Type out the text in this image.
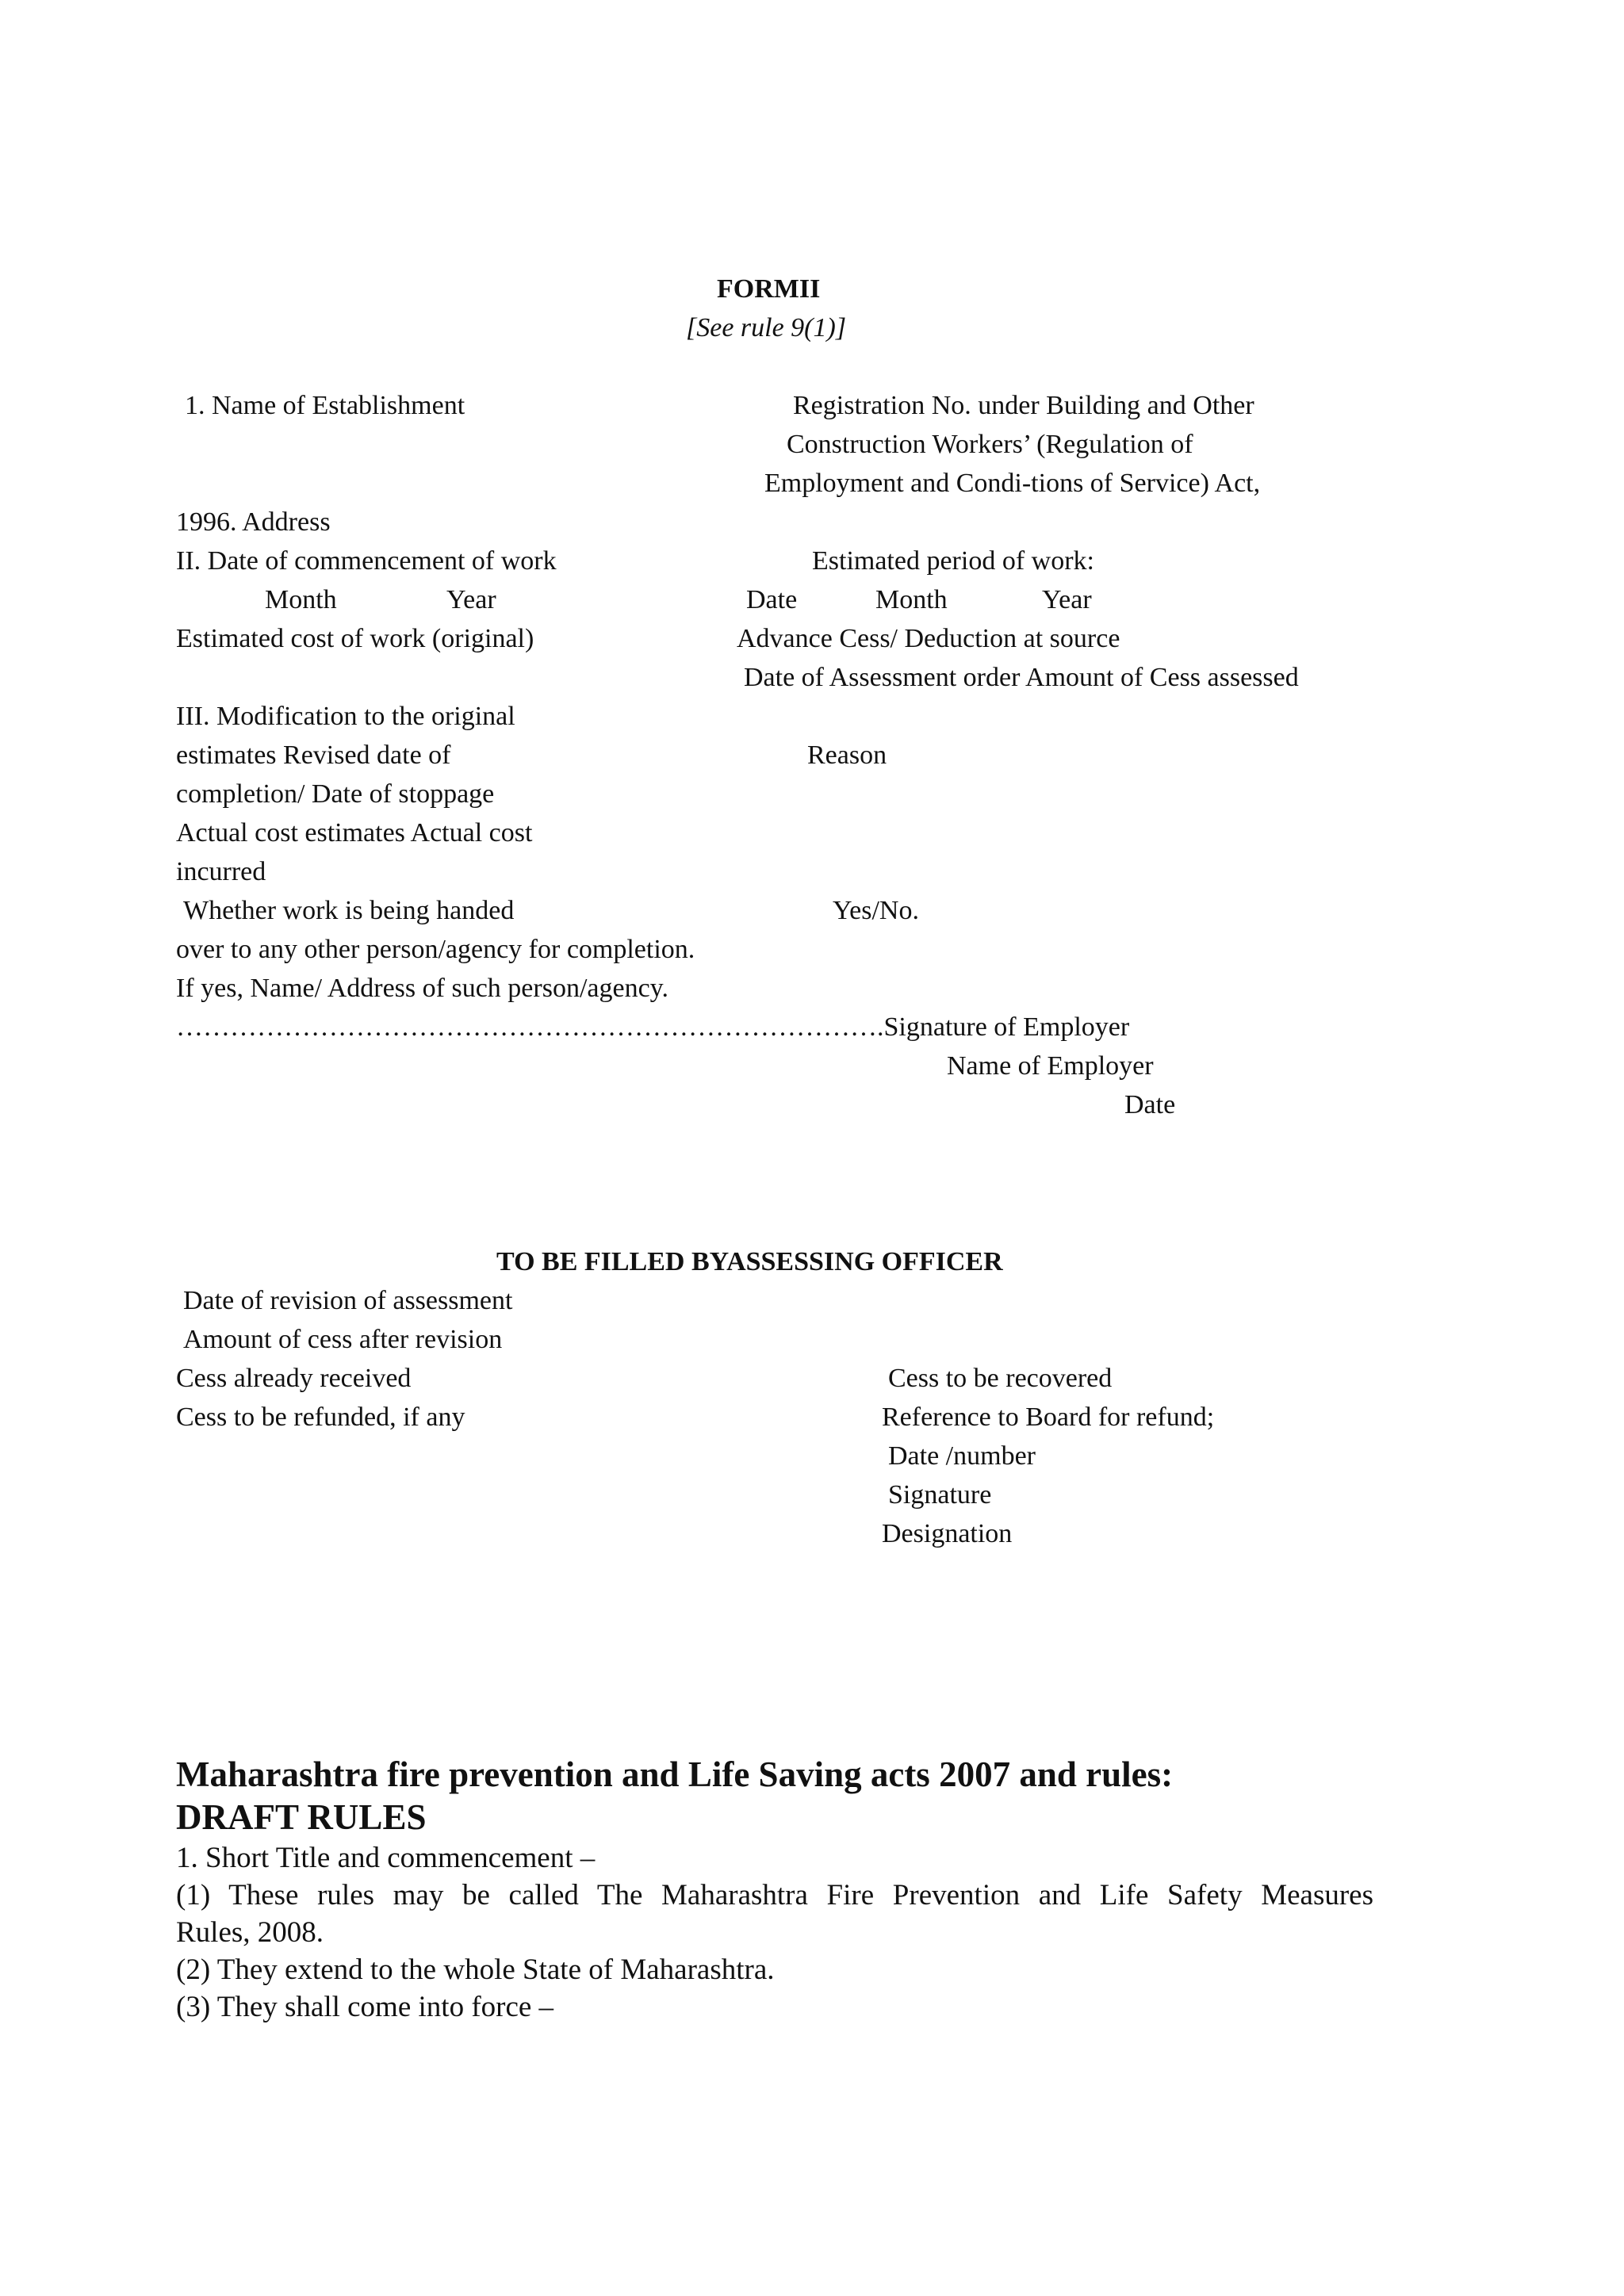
FORMII
[See rule 9(1)]
1. Name of Establishment	Registration No. under Building and Other
Construction Workers’ (Regulation of
Employment and Condi-tions of Service) Act,
1996. Address
II. Date of commencement of work	Estimated period of work:
Month	Year	Date	Month	Year
Estimated cost of work (original)	Advance Cess/ Deduction at source
Date of Assessment order Amount of Cess assessed
III. Modification to the original
estimates Revised date of	Reason
completion/ Date of stoppage
Actual cost estimates Actual cost
incurred
Whether work is being handed	Yes/No.
over to any other person/agency for completion.
If yes, Name/ Address of such person/agency.
…………………………………………………………………….Signature of Employer
Name of Employer
Date
TO BE FILLED BYASSESSING OFFICER
Date of revision of assessment
Amount of cess after revision
Cess already received	Cess to be recovered
Cess to be refunded, if any	Reference to Board for refund;
Date /number
Signature
Designation
Maharashtra fire prevention and Life Saving acts 2007 and rules:
DRAFT RULES
1. Short Title and commencement –
(1) These rules may be called The Maharashtra Fire Prevention and Life Safety Measures
Rules, 2008.
(2) They extend to the whole State of Maharashtra.
(3) They shall come into force –
